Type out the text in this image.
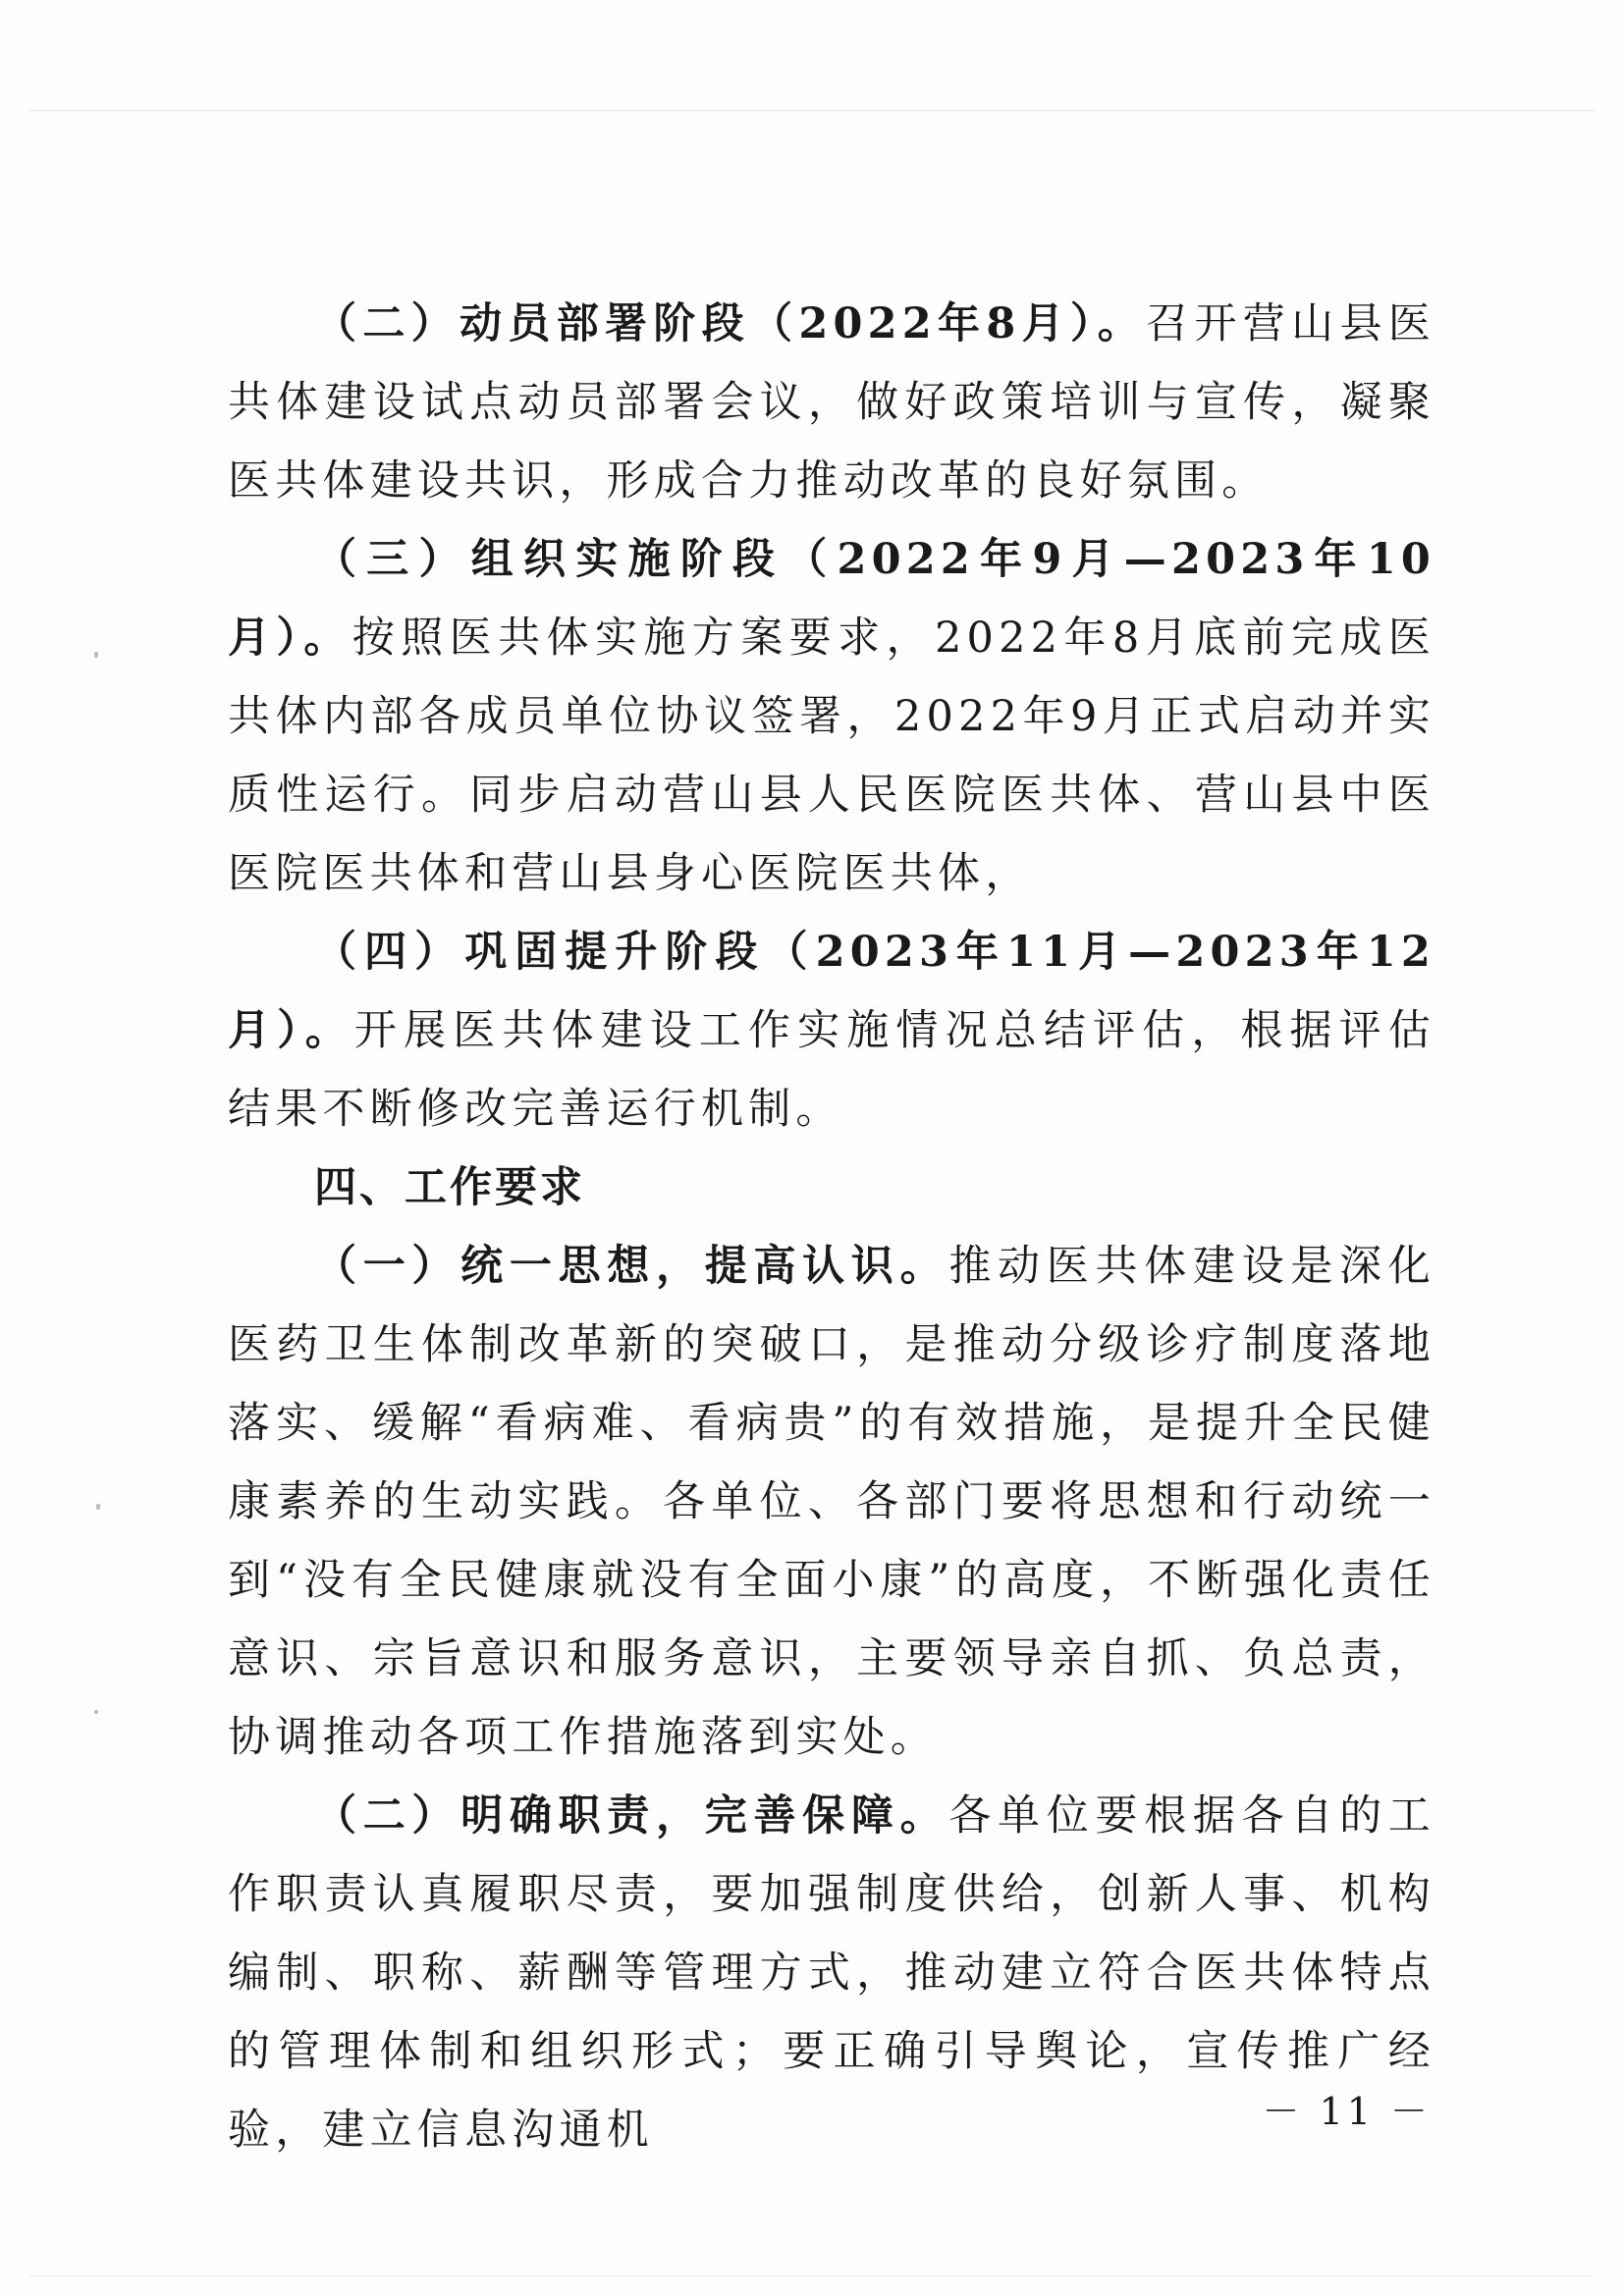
（二）动员部署阶段（2022年8月）。召开营山县医共体建设试点动员部署会议，做好政策培训与宣传，凝聚医共体建设共识，形成合力推动改革的良好氛围。

（三）组织实施阶段（2022年9月—2023年10月）。按照医共体实施方案要求，2022年8月底前完成医共体内部各成员单位协议签署，2022年9月正式启动并实质性运行。同步启动营山县人民医院医共体、营山县中医医院医共体和营山县身心医院医共体，

（四）巩固提升阶段（2023年11月—2023年12月）。开展医共体建设工作实施情况总结评估，根据评估结果不断修改完善运行机制。

四、工作要求

（一）统一思想，提高认识。推动医共体建设是深化医药卫生体制改革新的突破口，是推动分级诊疗制度落地落实、缓解“看病难、看病贵”的有效措施，是提升全民健康素养的生动实践。各单位、各部门要将思想和行动统一到“没有全民健康就没有全面小康”的高度，不断强化责任意识、宗旨意识和服务意识，主要领导亲自抓、负总责，协调推动各项工作措施落到实处。

（二）明确职责，完善保障。各单位要根据各自的工作职责认真履职尽责，要加强制度供给，创新人事、机构编制、职称、薪酬等管理方式，推动建立符合医共体特点的管理体制和组织形式；要正确引导舆论，宣传推广经验，建立信息沟通机	－ 11 －
